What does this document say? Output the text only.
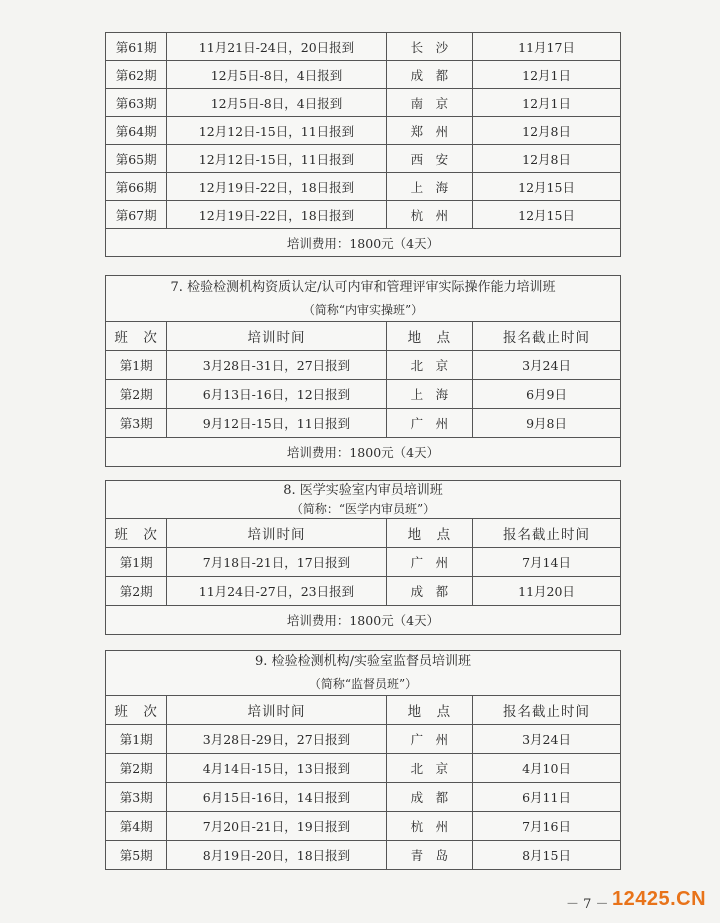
第61期	11月21日-24日，20日报到	长　沙	11月17日
第62期	12月5日-8日，4日报到	成　都	12月1日
第63期	12月5日-8日，4日报到	南　京	12月1日
第64期	12月12日-15日，11日报到	郑　州	12月8日
第65期	12月12日-15日，11日报到	西　安	12月8日
第66期	12月19日-22日，18日报到	上　海	12月15日
第67期	12月19日-22日，18日报到	杭　州	12月15日
培训费用：1800元（4天）			
7. 检验检测机构资质认定/认可内审和管理评审实际操作能力培训班
（简称“内审实操班”）			

班　次	培训时间	地　点	报名截止时间
第1期	3月28日-31日，27日报到	北　京	3月24日
第2期	6月13日-16日，12日报到	上　海	6月9日
第3期	9月12日-15日，11日报到	广　州	9月8日
培训费用：1800元（4天）			
8. 医学实验室内审员培训班
（简称：“医学内审员班”）			

班　次	培训时间	地　点	报名截止时间
第1期	7月18日-21日，17日报到	广　州	7月14日
第2期	11月24日-27日，23日报到	成　都	11月20日
培训费用：1800元（4天）			
9. 检验检测机构/实验室监督员培训班
（简称“监督员班”）			

班　次	培训时间	地　点	报名截止时间
第1期	3月28日-29日，27日报到	广　州	3月24日
第2期	4月14日-15日，13日报到	北　京	4月10日
第3期	6月15日-16日，14日报到	成　都	6月11日
第4期	7月20日-21日，19日报到	杭　州	7月16日
第5期	8月19日-20日，18日报到	青　岛	8月15日
－ 7 － 12425.CN
